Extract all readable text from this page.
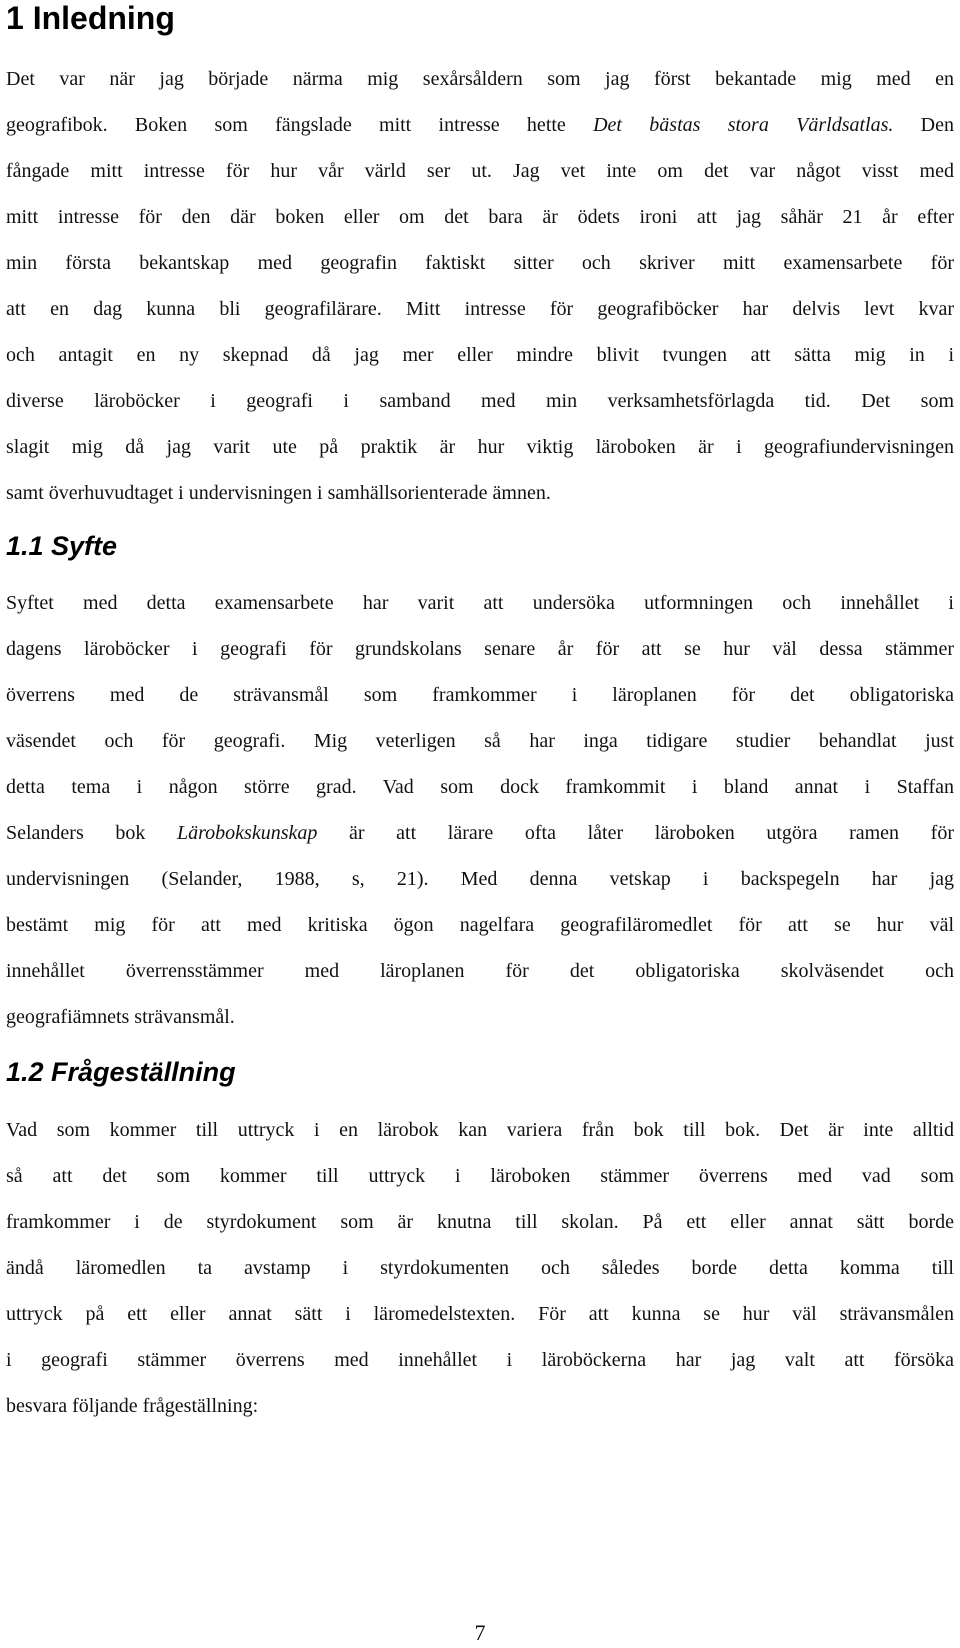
1 Inledning

Det var när jag började närma mig sexårsåldern som jag först bekantade mig med en
geografibok. Boken som fängslade mitt intresse hette Det bästas stora Världsatlas. Den
fångade mitt intresse för hur vår värld ser ut. Jag vet inte om det var något visst med
mitt intresse för den där boken eller om det bara är ödets ironi att jag såhär 21 år efter
min första bekantskap med geografin faktiskt sitter och skriver mitt examensarbete för
att en dag kunna bli geografilärare. Mitt intresse för geografiböcker har delvis levt kvar
och antagit en ny skepnad då jag mer eller mindre blivit tvungen att sätta mig in i
diverse läroböcker i geografi i samband med min verksamhetsförlagda tid. Det som
slagit mig då jag varit ute på praktik är hur viktig läroboken är i geografiundervisningen
samt överhuvudtaget i undervisningen i samhällsorienterade ämnen.

1.1 Syfte

Syftet med detta examensarbete har varit att undersöka utformningen och innehållet i
dagens läroböcker i geografi för grundskolans senare år för att se hur väl dessa stämmer
överrens med de strävansmål som framkommer i läroplanen för det obligatoriska
väsendet och för geografi. Mig veterligen så har inga tidigare studier behandlat just
detta tema i någon större grad. Vad som dock framkommit i bland annat i Staffan
Selanders bok Lärobokskunskap är att lärare ofta låter läroboken utgöra ramen för
undervisningen (Selander, 1988, s, 21). Med denna vetskap i backspegeln har jag
bestämt mig för att med kritiska ögon nagelfara geografiläromedlet för att se hur väl
innehållet överrensstämmer med läroplanen för det obligatoriska skolväsendet och
geografiämnets strävansmål.

1.2 Frågeställning

Vad som kommer till uttryck i en lärobok kan variera från bok till bok. Det är inte alltid
så att det som kommer till uttryck i läroboken stämmer överrens med vad som
framkommer i de styrdokument som är knutna till skolan. På ett eller annat sätt borde
ändå läromedlen ta avstamp i styrdokumenten och således borde detta komma till
uttryck på ett eller annat sätt i läromedelstexten. För att kunna se hur väl strävansmålen
i geografi stämmer överrens med innehållet i läroböckerna har jag valt att försöka
besvara följande frågeställning:

7
